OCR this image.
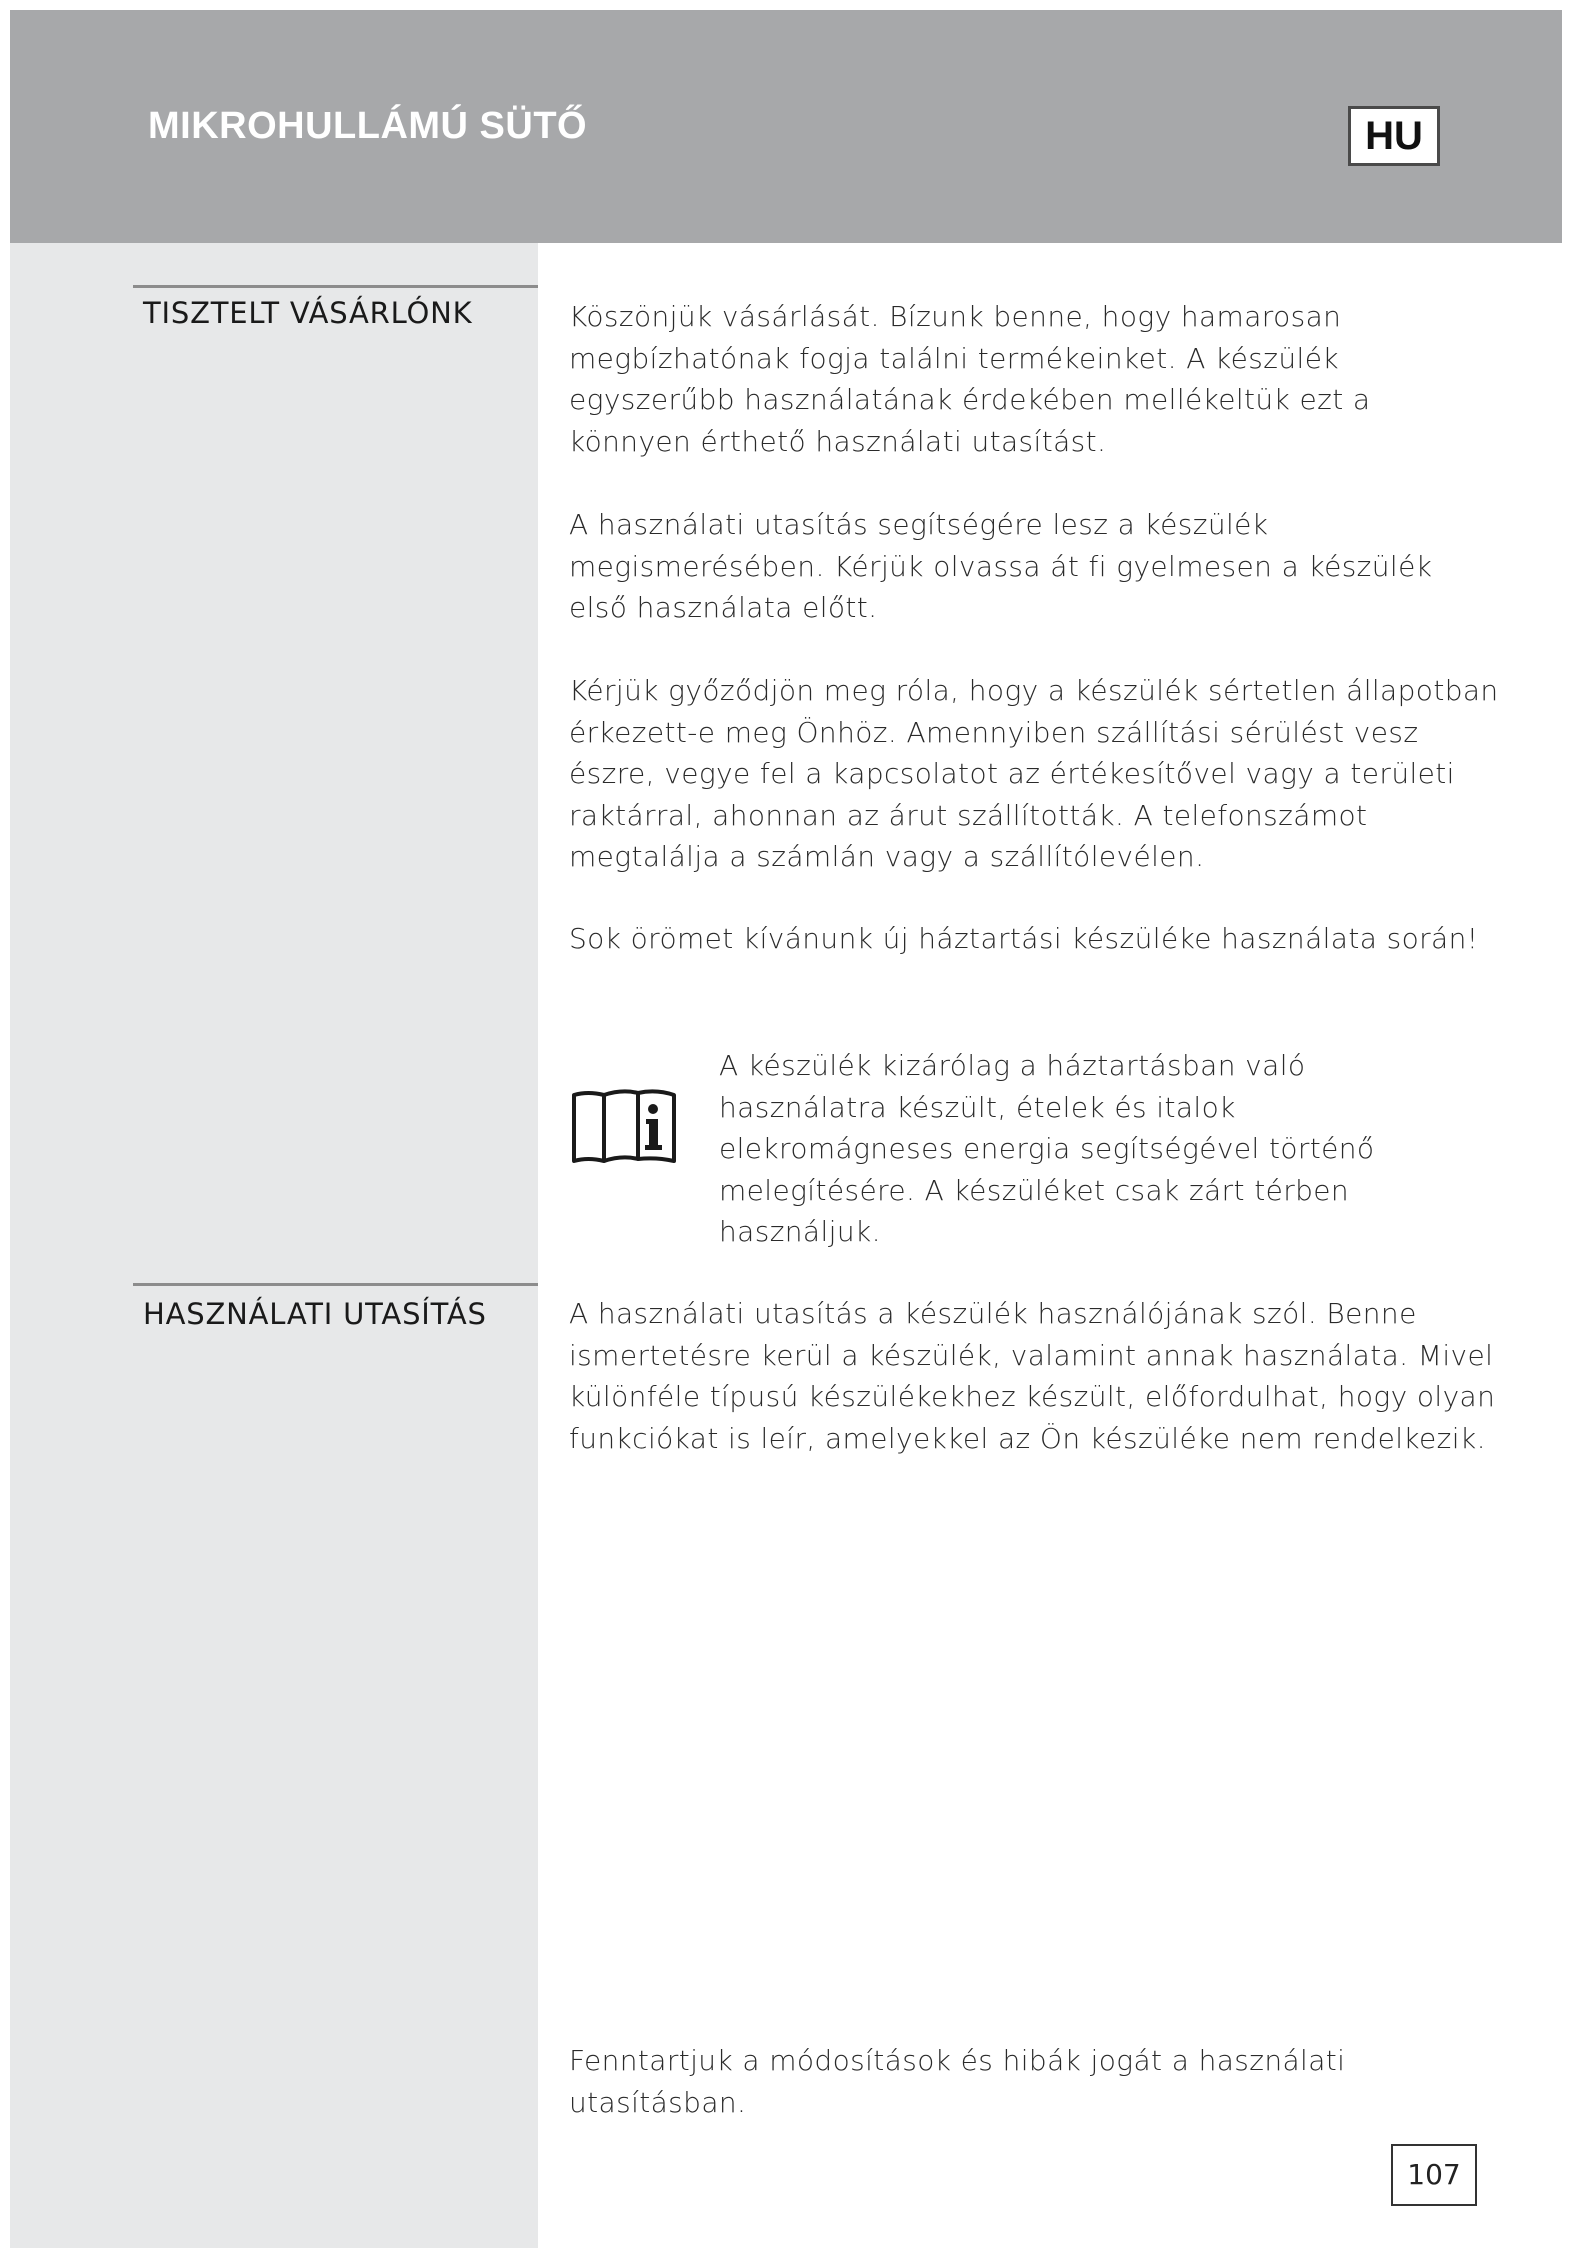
MIKROHULLÁMÚ SÜTŐ	HU
TISZTELT VÁSÁRLÓNK	Köszönjük vásárlását. Bízunk benne, hogy hamarosan megbízhatónak fogja találni termékeinket. A készülék egyszerűbb használatának érdekében mellékeltük ezt a könnyen érthető használati utasítást.

A használati utasítás segítségére lesz a készülék megismerésében. Kérjük olvassa át fi gyelmesen a készülék első használata előtt.

Kérjük győződjön meg róla, hogy a készülék sértetlen állapotban érkezett-e meg Önhöz. Amennyiben szállítási sérülést vesz észre, vegye fel a kapcsolatot az értékesítővel vagy a területi raktárral, ahonnan az árut szállították. A telefonszámot megtalálja a számlán vagy a szállítólevélen.

Sok örömet kívánunk új háztartási készüléke használata során!

A készülék kizárólag a háztartásban való használatra készült, ételek és italok elekromágneses energia segítségével történő melegítésére. A készüléket csak zárt térben használjuk.

HASZNÁLATI UTASÍTÁS	A használati utasítás a készülék használójának szól. Benne ismertetésre kerül a készülék, valamint annak használata. Mivel különféle típusú készülékekhez készült, előfordulhat, hogy olyan funkciókat is leír, amelyekkel az Ön készüléke nem rendelkezik.

Fenntartjuk a módosítások és hibák jogát a használati utasításban.

107
